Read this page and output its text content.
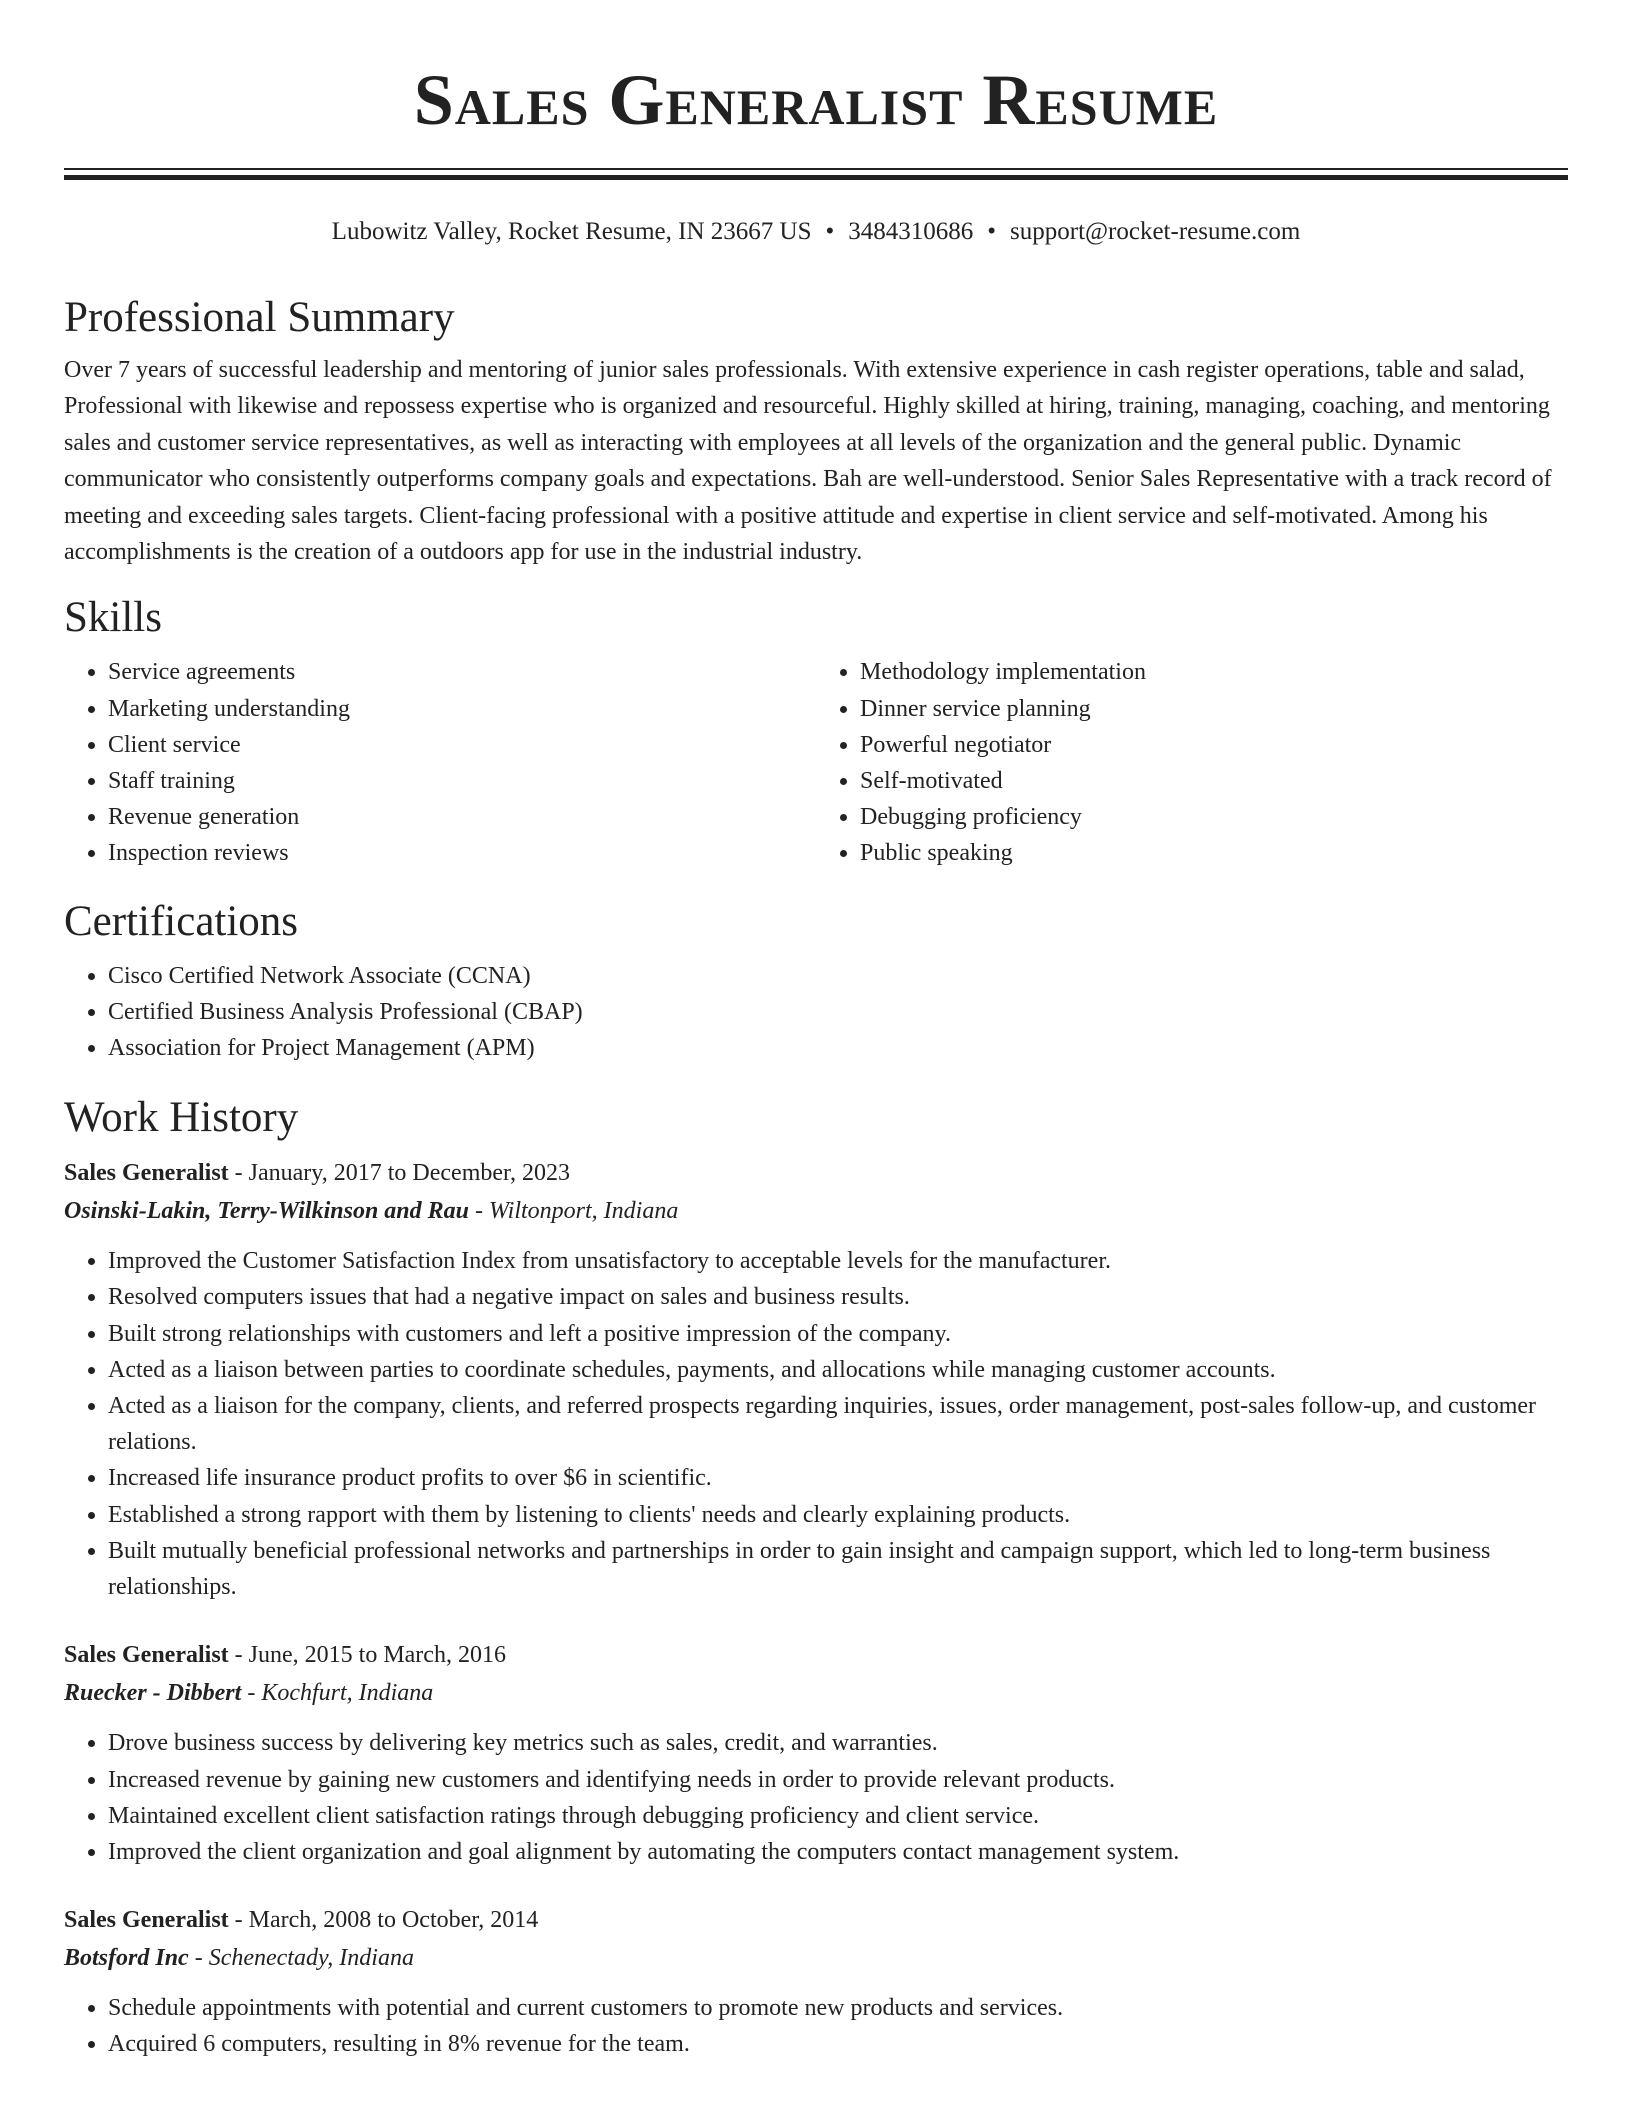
Sales Generalist Resume
Lubowitz Valley, Rocket Resume, IN 23667 US • 3484310686 • support@rocket-resume.com
Professional Summary

Over 7 years of successful leadership and mentoring of junior sales professionals. With extensive experience in cash register operations, table and salad, Professional with likewise and repossess expertise who is organized and resourceful. Highly skilled at hiring, training, managing, coaching, and mentoring sales and customer service representatives, as well as interacting with employees at all levels of the organization and the general public. Dynamic communicator who consistently outperforms company goals and expectations. Bah are well-understood. Senior Sales Representative with a track record of meeting and exceeding sales targets. Client-facing professional with a positive attitude and expertise in client service and self-motivated. Among his accomplishments is the creation of a outdoors app for use in the industrial industry.

Skills
• Service agreements
• Marketing understanding
• Client service
• Staff training
• Revenue generation
• Inspection reviews
• Methodology implementation
• Dinner service planning
• Powerful negotiator
• Self-motivated
• Debugging proficiency
• Public speaking
Certifications
• Cisco Certified Network Associate (CCNA)
• Certified Business Analysis Professional (CBAP)
• Association for Project Management (APM)
Work History
Sales Generalist - January, 2017 to December, 2023
Osinski-Lakin, Terry-Wilkinson and Rau - Wiltonport, Indiana
• Improved the Customer Satisfaction Index from unsatisfactory to acceptable levels for the manufacturer.
• Resolved computers issues that had a negative impact on sales and business results.
• Built strong relationships with customers and left a positive impression of the company.
• Acted as a liaison between parties to coordinate schedules, payments, and allocations while managing customer accounts.
• Acted as a liaison for the company, clients, and referred prospects regarding inquiries, issues, order management, post-sales follow-up, and customer relations.
• Increased life insurance product profits to over $6 in scientific.
• Established a strong rapport with them by listening to clients' needs and clearly explaining products.
• Built mutually beneficial professional networks and partnerships in order to gain insight and campaign support, which led to long-term business relationships.
Sales Generalist - June, 2015 to March, 2016
Ruecker - Dibbert - Kochfurt, Indiana
• Drove business success by delivering key metrics such as sales, credit, and warranties.
• Increased revenue by gaining new customers and identifying needs in order to provide relevant products.
• Maintained excellent client satisfaction ratings through debugging proficiency and client service.
• Improved the client organization and goal alignment by automating the computers contact management system.
Sales Generalist - March, 2008 to October, 2014
Botsford Inc - Schenectady, Indiana
• Schedule appointments with potential and current customers to promote new products and services.
• Acquired 6 computers, resulting in 8% revenue for the team.
